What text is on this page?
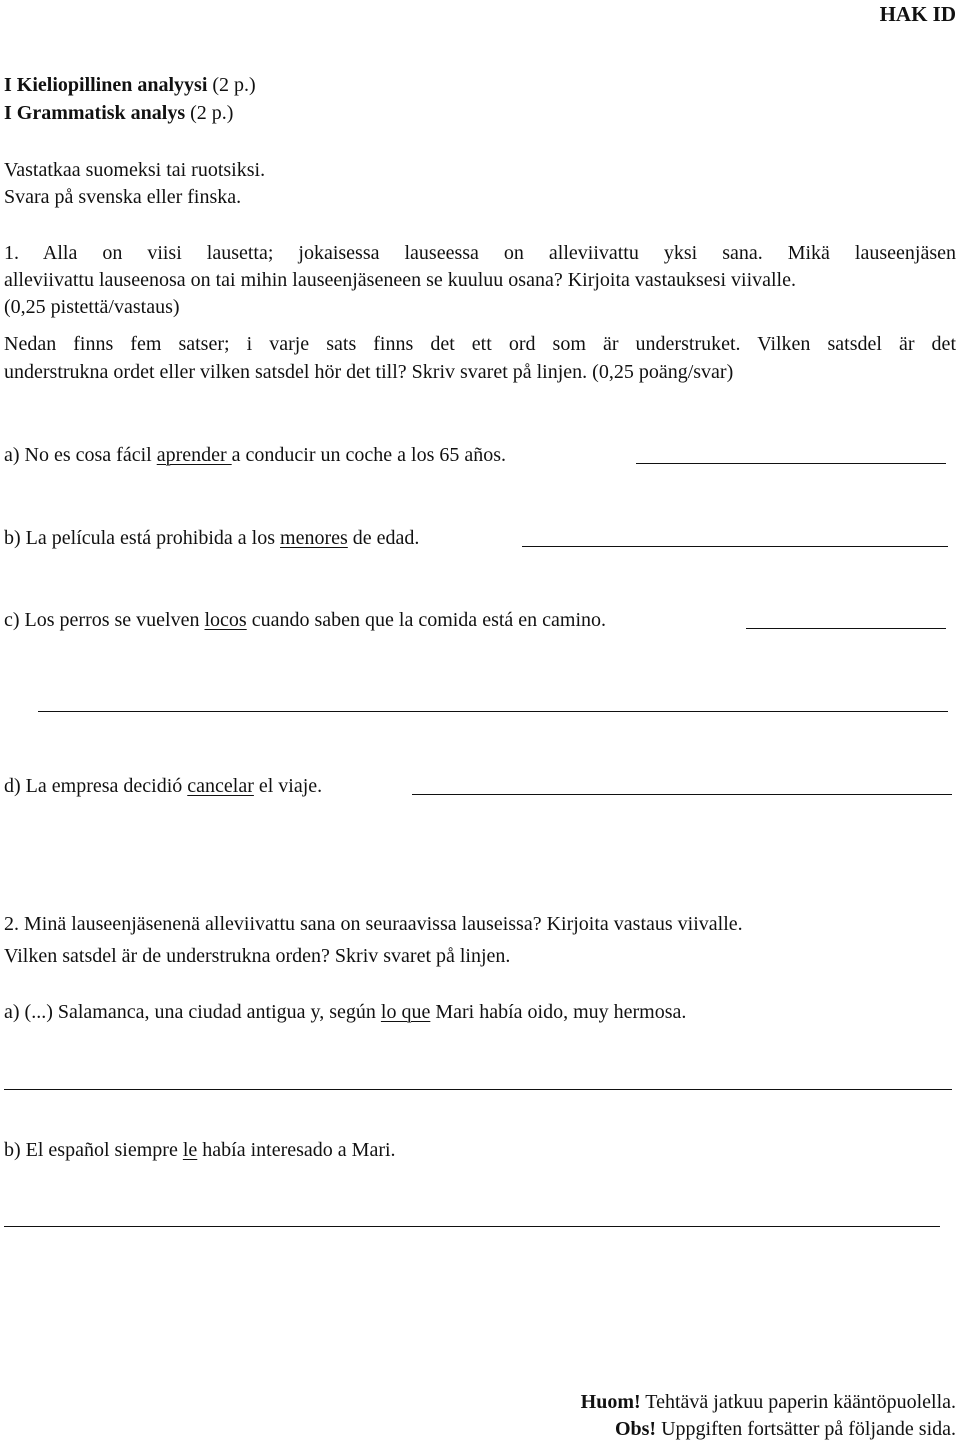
HAK ID
I Kieliopillinen analyysi (2 p.)
I Grammatisk analys (2 p.)
Vastatkaa suomeksi tai ruotsiksi.
Svara på svenska eller finska.
1. Alla on viisi lausetta; jokaisessa lauseessa on alleviivattu yksi sana. Mikä lauseenjäsen
alleviivattu lauseenosa on tai mihin lauseenjäseneen se kuuluu osana? Kirjoita vastauksesi viivalle.
(0,25 pistettä/vastaus)
Nedan finns fem satser; i varje sats finns det ett ord som är understruket. Vilken satsdel är det
understrukna ordet eller vilken satsdel hör det till? Skriv svaret på linjen. (0,25 poäng/svar)
a) No es cosa fácil aprender a conducir un coche a los 65 años.
b) La película está prohibida a los menores de edad.
c) Los perros se vuelven locos cuando saben que la comida está en camino.
d) La empresa decidió cancelar el viaje.
2. Minä lauseenjäsenenä alleviivattu sana on seuraavissa lauseissa? Kirjoita vastaus viivalle.
Vilken satsdel är de understrukna orden? Skriv svaret på linjen.
a) (...) Salamanca, una ciudad antigua y, según lo que Mari había oido, muy hermosa.
b) El español siempre le había interesado a Mari.
Huom! Tehtävä jatkuu paperin kääntöpuolella.
Obs! Uppgiften fortsätter på följande sida.
